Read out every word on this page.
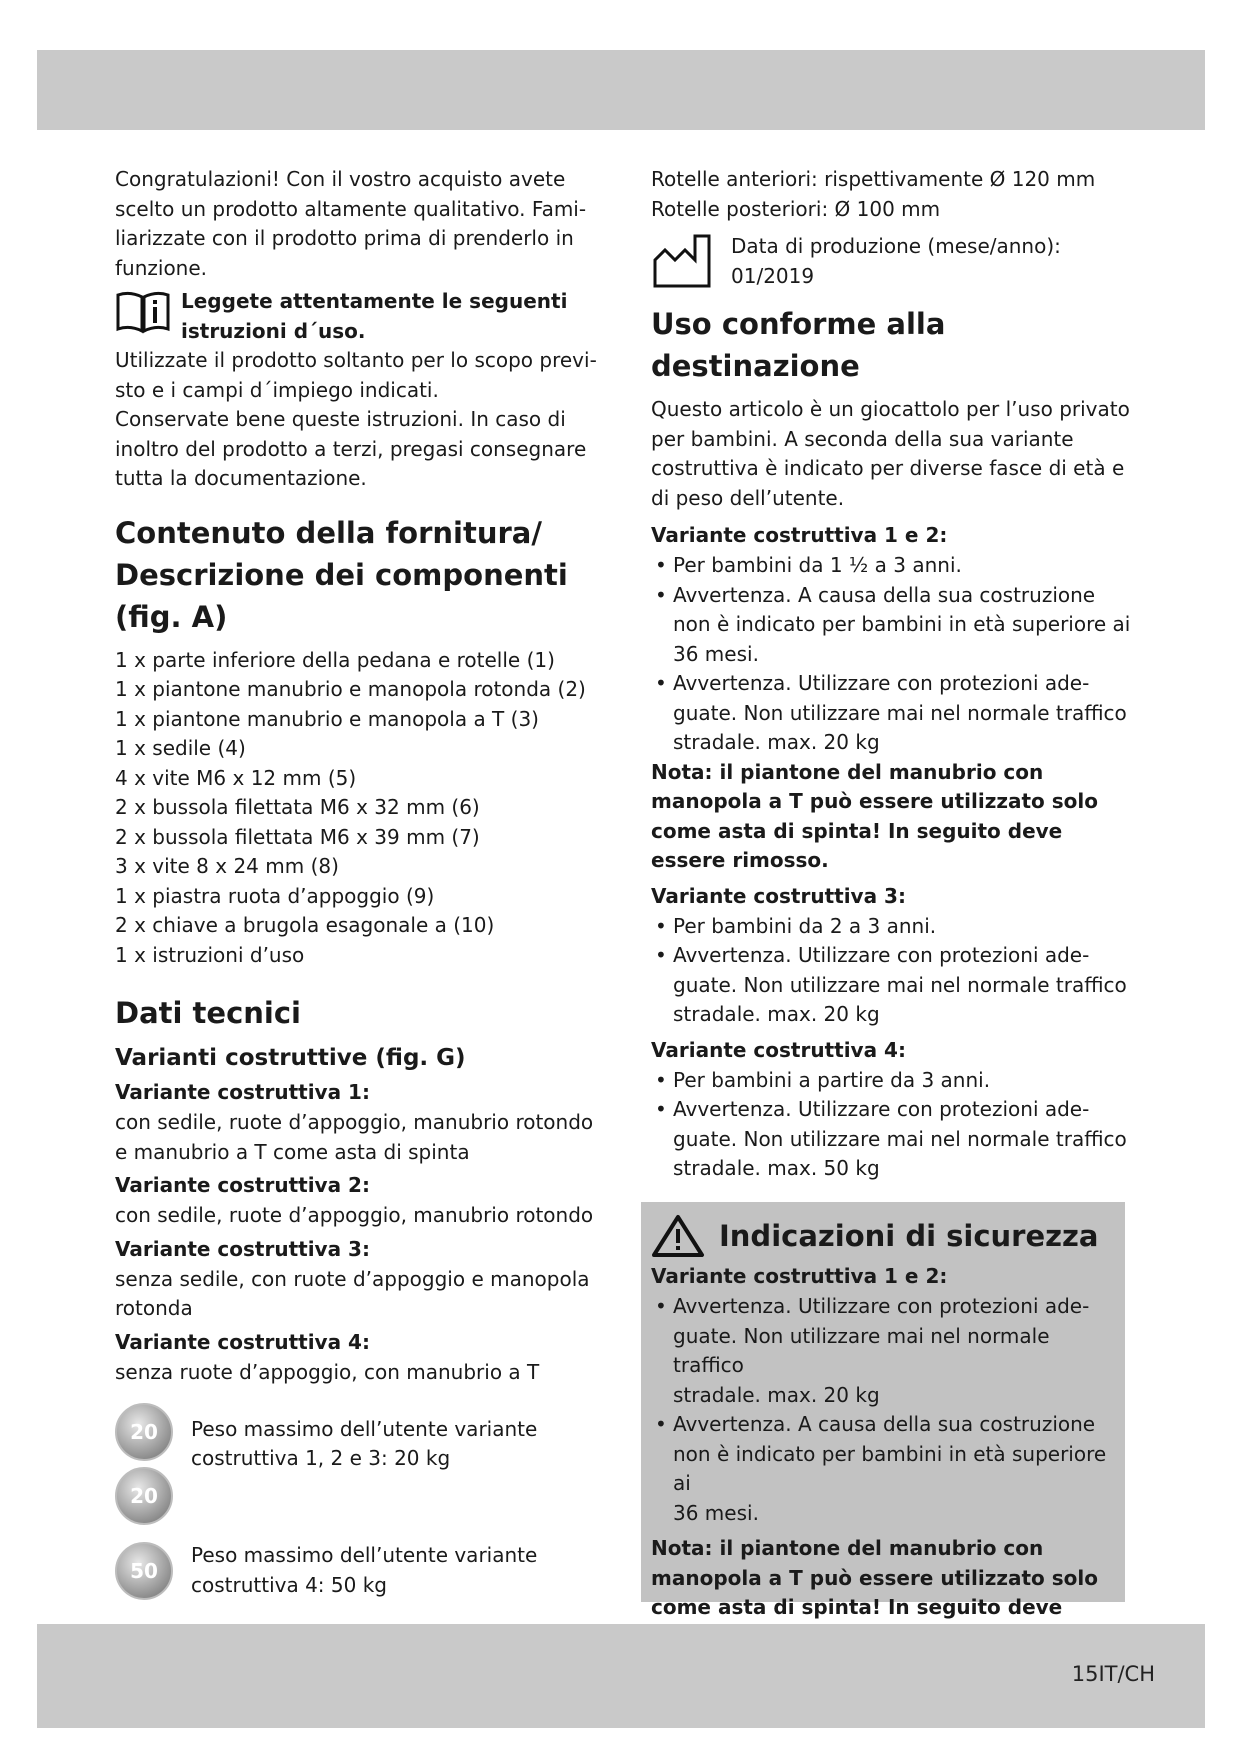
Congratulazioni! Con il vostro acquisto avete
scelto un prodotto altamente qualitativo. Fami-
liarizzate con il prodotto prima di prenderlo in
funzione.

Leggete attentamente le seguenti
istruzioni d´uso.

Utilizzate il prodotto soltanto per lo scopo previ-
sto e i campi d´impiego indicati.
Conservate bene queste istruzioni. In caso di
inoltro del prodotto a terzi, pregasi consegnare
tutta la documentazione.

Contenuto della fornitura/
Descrizione dei componenti
(fig. A)

1 x parte inferiore della pedana e rotelle (1)
1 x piantone manubrio e manopola rotonda (2)
1 x piantone manubrio e manopola a T (3)
1 x sedile (4)
4 x vite M6 x 12 mm (5)
2 x bussola filettata M6 x 32 mm (6)
2 x bussola filettata M6 x 39 mm (7)
3 x vite 8 x 24 mm (8)
1 x piastra ruota d’appoggio (9)
2 x chiave a brugola esagonale a (10)
1 x istruzioni d’uso

Dati tecnici
Varianti costruttive (fig. G)
Variante costruttiva 1:

con sedile, ruote d’appoggio, manubrio rotondo
e manubrio a T come asta di spinta

Variante costruttiva 2:

con sedile, ruote d’appoggio, manubrio rotondo

Variante costruttiva 3:

senza sedile, con ruote d’appoggio e manopola
rotonda

Variante costruttiva 4:

senza ruote d’appoggio, con manubrio a T

20
20

Peso massimo dell’utente variante
costruttiva 1, 2 e 3: 20 kg

50

Peso massimo dell’utente variante
costruttiva 4: 50 kg

Rotelle anteriori: rispettivamente Ø 120 mm
Rotelle posteriori: Ø 100 mm

Data di produzione (mese/anno):
01/2019

Uso conforme alla
destinazione

Questo articolo è un giocattolo per l’uso privato
per bambini. A seconda della sua variante
costruttiva è indicato per diverse fasce di età e
di peso dell’utente.

Variante costruttiva 1 e 2:
• Per bambini da 1 ½ a 3 anni.
• Avvertenza. A causa della sua costruzione
non è indicato per bambini in età superiore ai
36 mesi.
• Avvertenza. Utilizzare con protezioni ade-
guate. Non utilizzare mai nel normale traffico
stradale. max. 20 kg

Nota: il piantone del manubrio con
manopola a T può essere utilizzato solo
come asta di spinta! In seguito deve
essere rimosso.

Variante costruttiva 3:
• Per bambini da 2 a 3 anni.
• Avvertenza. Utilizzare con protezioni ade-
guate. Non utilizzare mai nel normale traffico
stradale. max. 20 kg
Variante costruttiva 4:
• Per bambini a partire da 3 anni.
• Avvertenza. Utilizzare con protezioni ade-
guate. Non utilizzare mai nel normale traffico
stradale. max. 50 kg
Indicazioni di sicurezza
Variante costruttiva 1 e 2:
• Avvertenza. Utilizzare con protezioni ade-
guate. Non utilizzare mai nel normale traffico
stradale. max. 20 kg
• Avvertenza. A causa della sua costruzione
non è indicato per bambini in età superiore ai
36 mesi.

Nota: il piantone del manubrio con
manopola a T può essere utilizzato solo
come asta di spinta! In seguito deve

15IT/CH
